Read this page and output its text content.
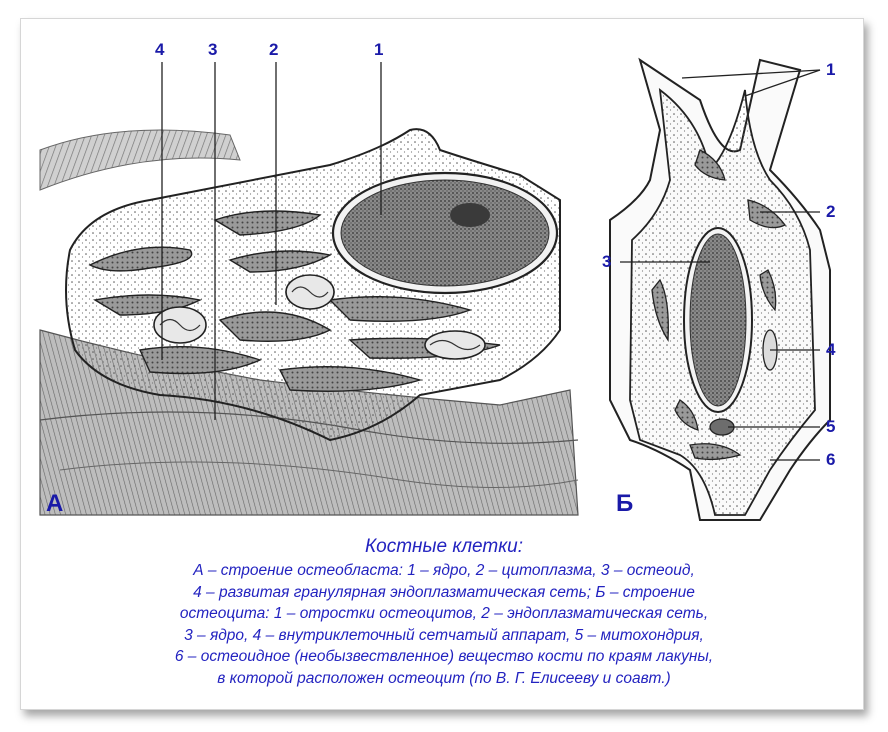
4	3	2	1
А
1
2
3
4
5
6
Б
Костные клетки:
А – строение остеобласта: 1 – ядро, 2 – цитоплазма, 3 – остеоид,
4 – развитая гранулярная эндоплазматическая сеть; Б – строение
остеоцита: 1 – отростки остеоцитов, 2 – эндоплазматическая сеть,
3 – ядро, 4 – внутриклеточный сетчатый аппарат, 5 – митохондрия,
6 – остеоидное (необызвествленное) вещество кости по краям лакуны,
в которой расположен остеоцит (по В. Г. Елисееву и соавт.)
